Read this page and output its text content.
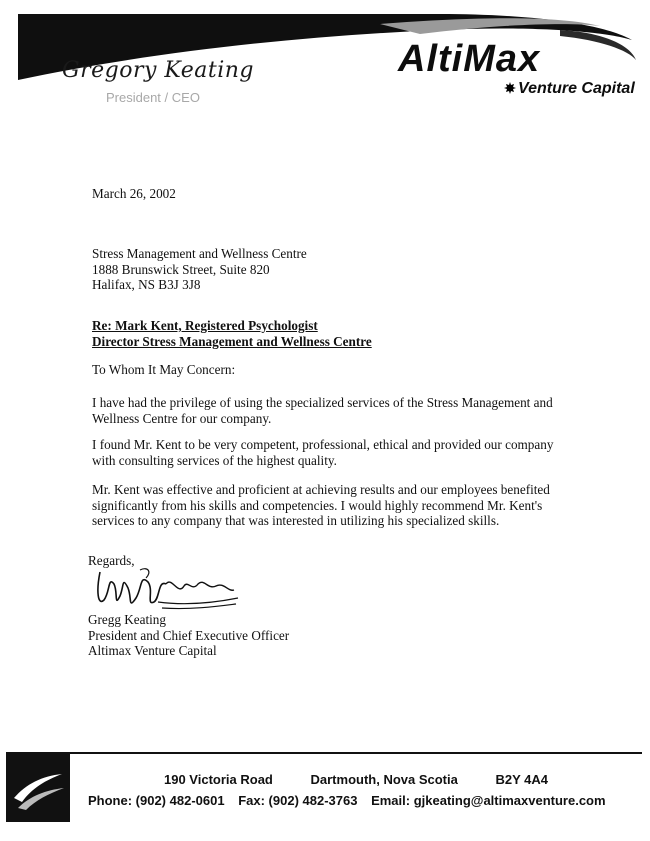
Gregory Keating
President / CEO
AltiMax
Venture Capital
March 26, 2002
Stress Management and Wellness Centre
1888 Brunswick Street, Suite 820
Halifax, NS B3J 3J8
Re: Mark Kent, Registered Psychologist
Director Stress Management and Wellness Centre
To Whom It May Concern:
I have had the privilege of using the specialized services of the Stress Management and Wellness Centre for our company.
I found Mr. Kent to be very competent, professional, ethical and provided our company with consulting services of the highest quality.
Mr. Kent was effective and proficient at achieving results and our employees benefited significantly from his skills and competencies. I would highly recommend Mr. Kent's services to any company that was interested in utilizing his specialized skills.
Regards,
Gregg Keating
President and Chief Executive Officer
Altimax Venture Capital
190 Victoria Road	Dartmouth, Nova Scotia	B2Y 4A4
Phone: (902) 482-0601 Fax: (902) 482-3763 Email: gjkeating@altimaxventure.com
